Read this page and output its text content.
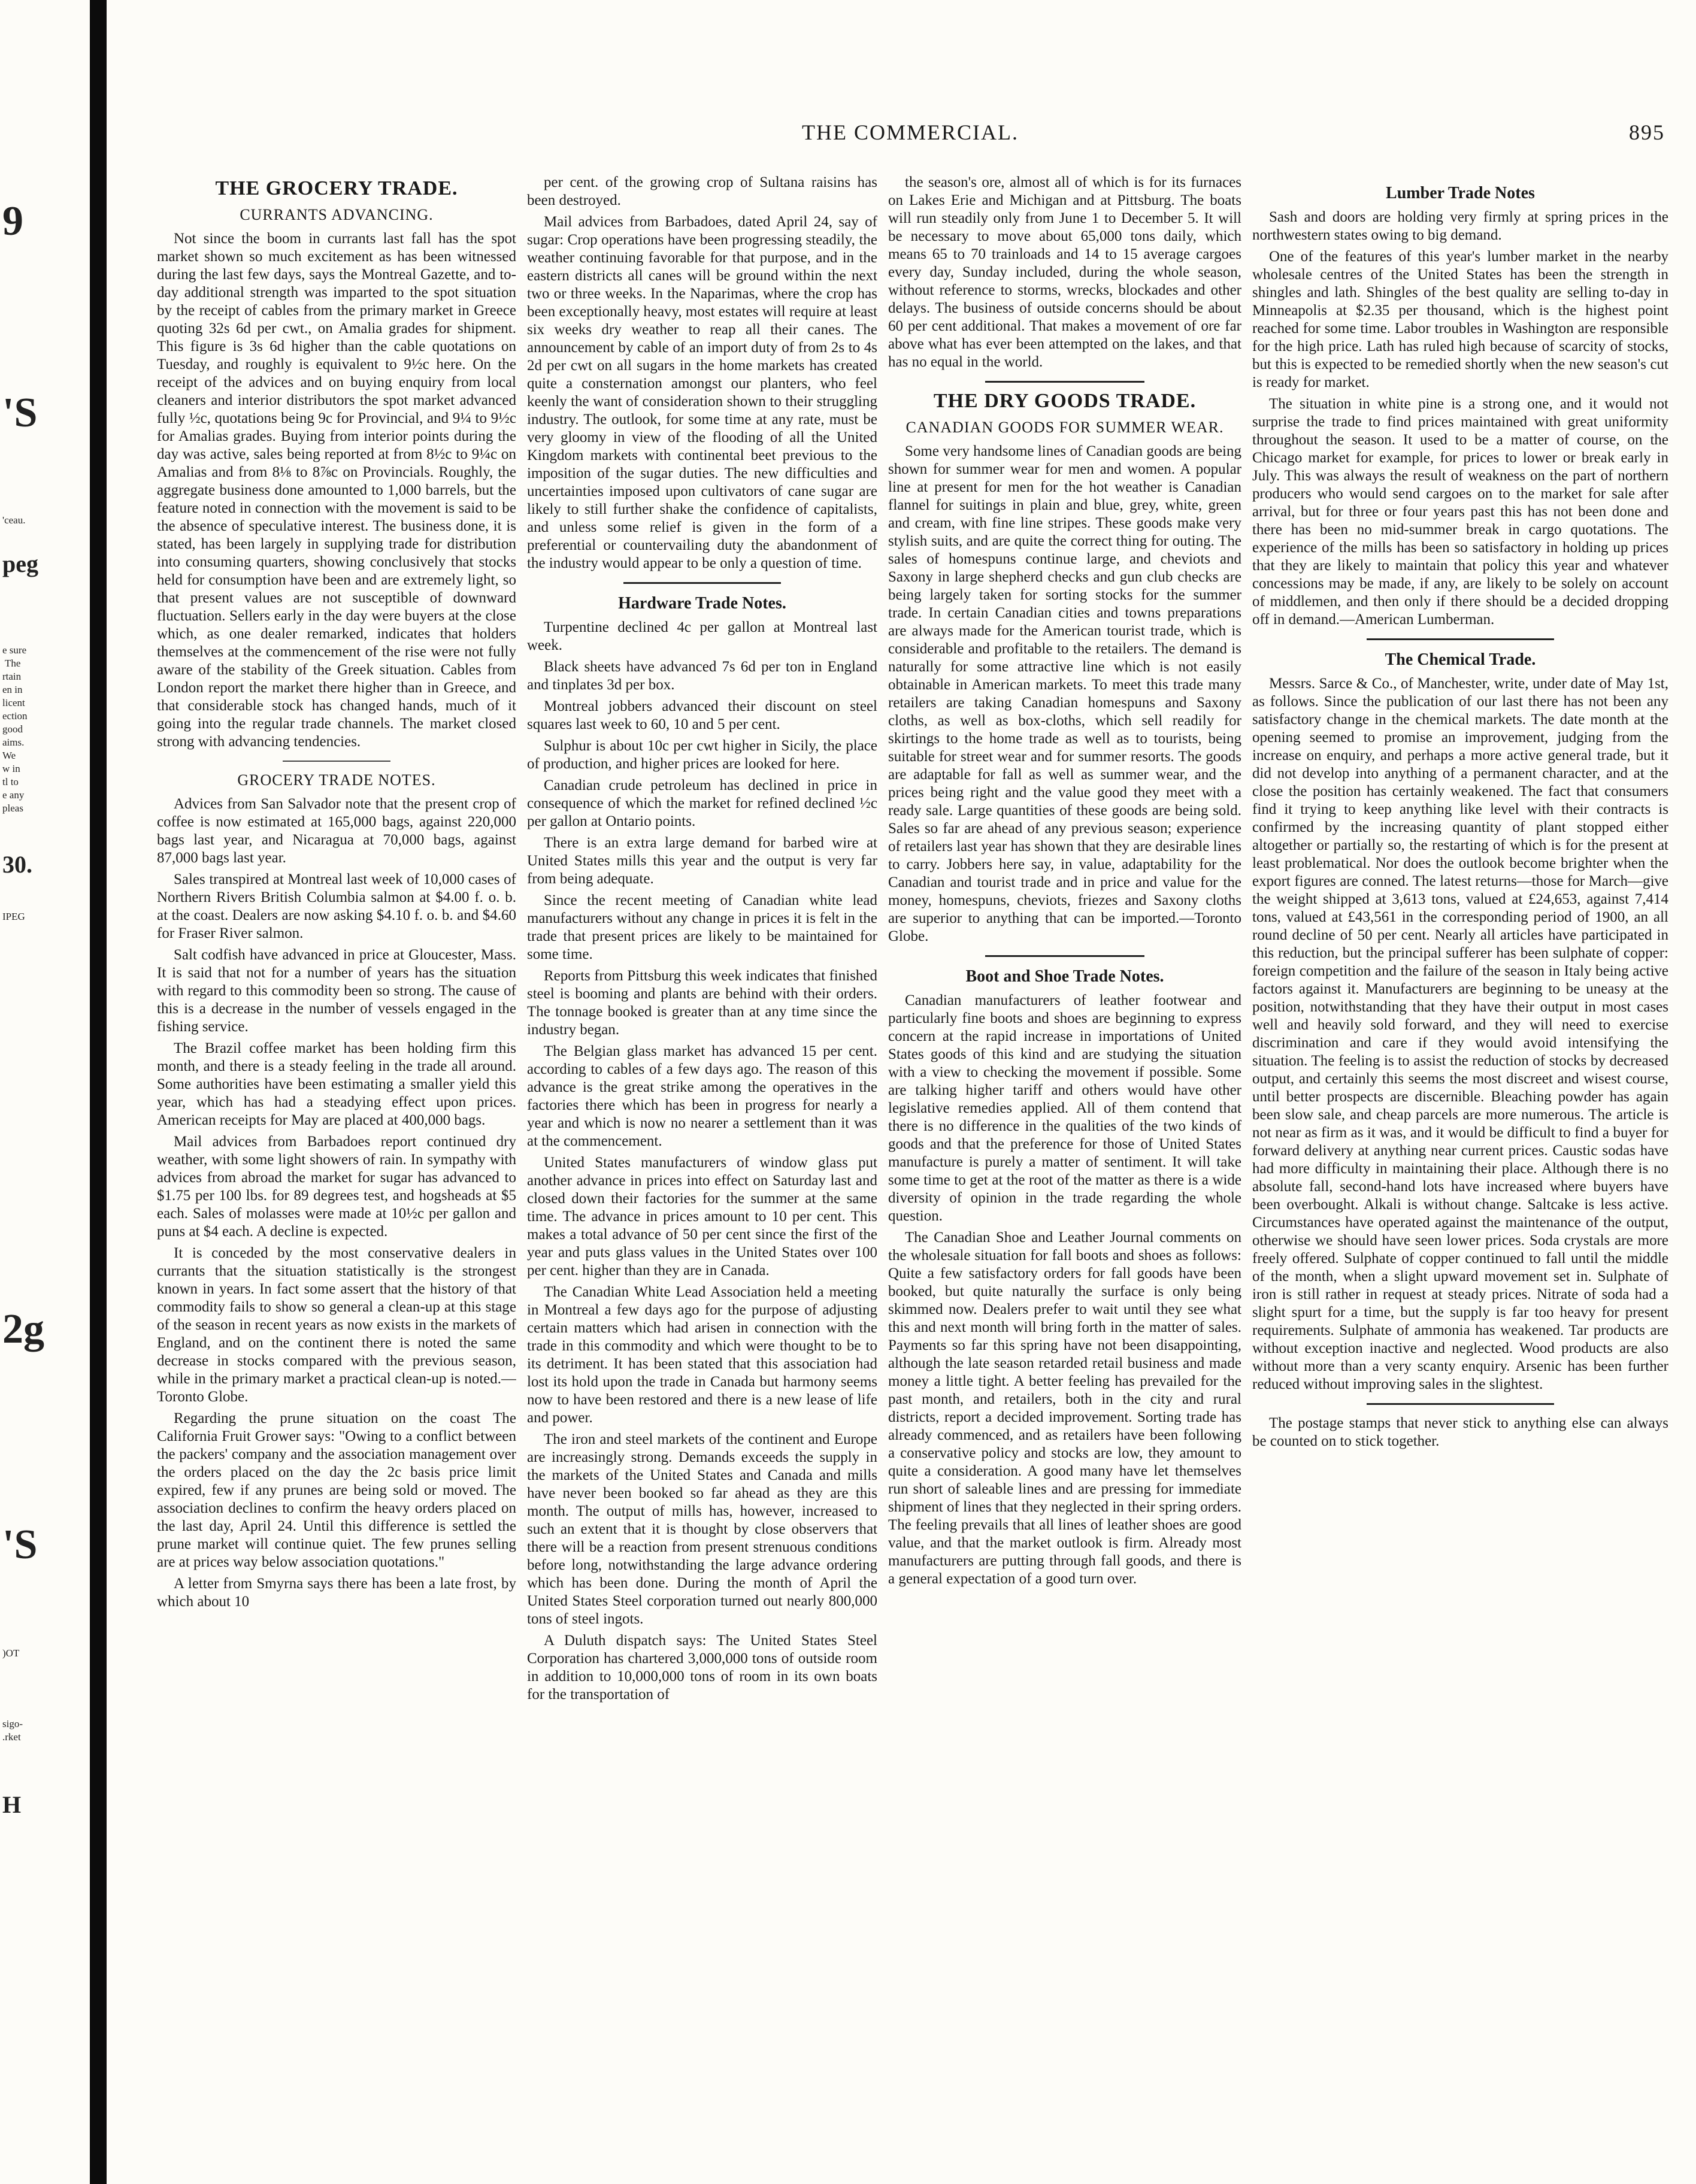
9
'S
'ceau.
peg
e sure
The
rtain
en in
licent
ection
good
aims.
We
w in
tl to
e any
pleas
30.
IPEG
2g
'S
)OT
sigo-
.rket
H
THE COMMERCIAL.	895
THE GROCERY TRADE.
CURRANTS ADVANCING.

Not since the boom in currants last fall has the spot market shown so much excitement as has been witnessed during the last few days, says the Montreal Gazette, and to-day additional strength was imparted to the spot situation by the receipt of cables from the primary market in Greece quoting 32s 6d per cwt., on Amalia grades for shipment. This figure is 3s 6d higher than the cable quotations on Tuesday, and roughly is equivalent to 9½c here. On the receipt of the advices and on buying enquiry from local cleaners and interior distributors the spot market advanced fully ½c, quotations being 9c for Provincial, and 9¼ to 9½c for Amalias grades. Buying from interior points during the day was active, sales being reported at from 8½c to 9¼c on Amalias and from 8⅛ to 8⅞c on Provincials. Roughly, the aggregate business done amounted to 1,000 barrels, but the feature noted in connection with the movement is said to be the absence of speculative interest. The business done, it is stated, has been largely in supplying trade for distribution into consuming quarters, showing conclusively that stocks held for consumption have been and are extremely light, so that present values are not susceptible of downward fluctuation. Sellers early in the day were buyers at the close which, as one dealer remarked, indicates that holders themselves at the commencement of the rise were not fully aware of the stability of the Greek situation. Cables from London report the market there higher than in Greece, and that considerable stock has changed hands, much of it going into the regular trade channels. The market closed strong with advancing tendencies.

GROCERY TRADE NOTES.

Advices from San Salvador note that the present crop of coffee is now estimated at 165,000 bags, against 220,000 bags last year, and Nicaragua at 70,000 bags, against 87,000 bags last year.

Sales transpired at Montreal last week of 10,000 cases of Northern Rivers British Columbia salmon at $4.00 f. o. b. at the coast. Dealers are now asking $4.10 f. o. b. and $4.60 for Fraser River salmon.

Salt codfish have advanced in price at Gloucester, Mass. It is said that not for a number of years has the situation with regard to this commodity been so strong. The cause of this is a decrease in the number of vessels engaged in the fishing service.

The Brazil coffee market has been holding firm this month, and there is a steady feeling in the trade all around. Some authorities have been estimating a smaller yield this year, which has had a steadying effect upon prices. American receipts for May are placed at 400,000 bags.

Mail advices from Barbadoes report continued dry weather, with some light showers of rain. In sympathy with advices from abroad the market for sugar has advanced to $1.75 per 100 lbs. for 89 degrees test, and hogsheads at $5 each. Sales of molasses were made at 10½c per gallon and puns at $4 each. A decline is expected.

It is conceded by the most conservative dealers in currants that the situation statistically is the strongest known in years. In fact some assert that the history of that commodity fails to show so general a clean-up at this stage of the season in recent years as now exists in the markets of England, and on the continent there is noted the same decrease in stocks compared with the previous season, while in the primary market a practical clean-up is noted.—Toronto Globe.

Regarding the prune situation on the coast The California Fruit Grower says: "Owing to a conflict between the packers' company and the association management over the orders placed on the day the 2c basis price limit expired, few if any prunes are being sold or moved. The association declines to confirm the heavy orders placed on the last day, April 24. Until this difference is settled the prune market will continue quiet. The few prunes selling are at prices way below association quotations."

A letter from Smyrna says there has been a late frost, by which about 10

per cent. of the growing crop of Sultana raisins has been destroyed.

Mail advices from Barbadoes, dated April 24, say of sugar: Crop operations have been progressing steadily, the weather continuing favorable for that purpose, and in the eastern districts all canes will be ground within the next two or three weeks. In the Naparimas, where the crop has been exceptionally heavy, most estates will require at least six weeks dry weather to reap all their canes. The announcement by cable of an import duty of from 2s to 4s 2d per cwt on all sugars in the home markets has created quite a consternation amongst our planters, who feel keenly the want of consideration shown to their struggling industry. The outlook, for some time at any rate, must be very gloomy in view of the flooding of all the United Kingdom markets with continental beet previous to the imposition of the sugar duties. The new difficulties and uncertainties imposed upon cultivators of cane sugar are likely to still further shake the confidence of capitalists, and unless some relief is given in the form of a preferential or countervailing duty the abandonment of the industry would appear to be only a question of time.

Hardware Trade Notes.

Turpentine declined 4c per gallon at Montreal last week.

Black sheets have advanced 7s 6d per ton in England and tinplates 3d per box.

Montreal jobbers advanced their discount on steel squares last week to 60, 10 and 5 per cent.

Sulphur is about 10c per cwt higher in Sicily, the place of production, and higher prices are looked for here.

Canadian crude petroleum has declined in price in consequence of which the market for refined declined ½c per gallon at Ontario points.

There is an extra large demand for barbed wire at United States mills this year and the output is very far from being adequate.

Since the recent meeting of Canadian white lead manufacturers without any change in prices it is felt in the trade that present prices are likely to be maintained for some time.

Reports from Pittsburg this week indicates that finished steel is booming and plants are behind with their orders. The tonnage booked is greater than at any time since the industry began.

The Belgian glass market has advanced 15 per cent. according to cables of a few days ago. The reason of this advance is the great strike among the operatives in the factories there which has been in progress for nearly a year and which is now no nearer a settlement than it was at the commencement.

United States manufacturers of window glass put another advance in prices into effect on Saturday last and closed down their factories for the summer at the same time. The advance in prices amount to 10 per cent. This makes a total advance of 50 per cent since the first of the year and puts glass values in the United States over 100 per cent. higher than they are in Canada.

The Canadian White Lead Association held a meeting in Montreal a few days ago for the purpose of adjusting certain matters which had arisen in connection with the trade in this commodity and which were thought to be to its detriment. It has been stated that this association had lost its hold upon the trade in Canada but harmony seems now to have been restored and there is a new lease of life and power.

The iron and steel markets of the continent and Europe are increasingly strong. Demands exceeds the supply in the markets of the United States and Canada and mills have never been booked so far ahead as they are this month. The output of mills has, however, increased to such an extent that it is thought by close observers that there will be a reaction from present strenuous conditions before long, notwithstanding the large advance ordering which has been done. During the month of April the United States Steel corporation turned out nearly 800,000 tons of steel ingots.

A Duluth dispatch says: The United States Steel Corporation has chartered 3,000,000 tons of outside room in addition to 10,000,000 tons of room in its own boats for the transportation of

the season's ore, almost all of which is for its furnaces on Lakes Erie and Michigan and at Pittsburg. The boats will run steadily only from June 1 to December 5. It will be necessary to move about 65,000 tons daily, which means 65 to 70 trainloads and 14 to 15 average cargoes every day, Sunday included, during the whole season, without reference to storms, wrecks, blockades and other delays. The business of outside concerns should be about 60 per cent additional. That makes a movement of ore far above what has ever been attempted on the lakes, and that has no equal in the world.

THE DRY GOODS TRADE.
CANADIAN GOODS FOR SUMMER WEAR.

Some very handsome lines of Canadian goods are being shown for summer wear for men and women. A popular line at present for men for the hot weather is Canadian flannel for suitings in plain and blue, grey, white, green and cream, with fine line stripes. These goods make very stylish suits, and are quite the correct thing for outing. The sales of homespuns continue large, and cheviots and Saxony in large shepherd checks and gun club checks are being largely taken for sorting stocks for the summer trade. In certain Canadian cities and towns preparations are always made for the American tourist trade, which is considerable and profitable to the retailers. The demand is naturally for some attractive line which is not easily obtainable in American markets. To meet this trade many retailers are taking Canadian homespuns and Saxony cloths, as well as box-cloths, which sell readily for skirtings to the home trade as well as to tourists, being suitable for street wear and for summer resorts. The goods are adaptable for fall as well as summer wear, and the prices being right and the value good they meet with a ready sale. Large quantities of these goods are being sold. Sales so far are ahead of any previous season; experience of retailers last year has shown that they are desirable lines to carry. Jobbers here say, in value, adaptability for the Canadian and tourist trade and in price and value for the money, homespuns, cheviots, friezes and Saxony cloths are superior to anything that can be imported.—Toronto Globe.

Boot and Shoe Trade Notes.

Canadian manufacturers of leather footwear and particularly fine boots and shoes are beginning to express concern at the rapid increase in importations of United States goods of this kind and are studying the situation with a view to checking the movement if possible. Some are talking higher tariff and others would have other legislative remedies applied. All of them contend that there is no difference in the qualities of the two kinds of goods and that the preference for those of United States manufacture is purely a matter of sentiment. It will take some time to get at the root of the matter as there is a wide diversity of opinion in the trade regarding the whole question.

The Canadian Shoe and Leather Journal comments on the wholesale situation for fall boots and shoes as follows: Quite a few satisfactory orders for fall goods have been booked, but quite naturally the surface is only being skimmed now. Dealers prefer to wait until they see what this and next month will bring forth in the matter of sales. Payments so far this spring have not been disappointing, although the late season retarded retail business and made money a little tight. A better feeling has prevailed for the past month, and retailers, both in the city and rural districts, report a decided improvement. Sorting trade has already commenced, and as retailers have been following a conservative policy and stocks are low, they amount to quite a consideration. A good many have let themselves run short of saleable lines and are pressing for immediate shipment of lines that they neglected in their spring orders. The feeling prevails that all lines of leather shoes are good value, and that the market outlook is firm. Already most manufacturers are putting through fall goods, and there is a general expectation of a good turn over.

Lumber Trade Notes

Sash and doors are holding very firmly at spring prices in the northwestern states owing to big demand.

One of the features of this year's lumber market in the nearby wholesale centres of the United States has been the strength in shingles and lath. Shingles of the best quality are selling to-day in Minneapolis at $2.35 per thousand, which is the highest point reached for some time. Labor troubles in Washington are responsible for the high price. Lath has ruled high because of scarcity of stocks, but this is expected to be remedied shortly when the new season's cut is ready for market.

The situation in white pine is a strong one, and it would not surprise the trade to find prices maintained with great uniformity throughout the season. It used to be a matter of course, on the Chicago market for example, for prices to lower or break early in July. This was always the result of weakness on the part of northern producers who would send cargoes on to the market for sale after arrival, but for three or four years past this has not been done and there has been no mid-summer break in cargo quotations. The experience of the mills has been so satisfactory in holding up prices that they are likely to maintain that policy this year and whatever concessions may be made, if any, are likely to be solely on account of middlemen, and then only if there should be a decided dropping off in demand.—American Lumberman.

The Chemical Trade.

Messrs. Sarce & Co., of Manchester, write, under date of May 1st, as follows. Since the publication of our last there has not been any satisfactory change in the chemical markets. The date month at the opening seemed to promise an improvement, judging from the increase on enquiry, and perhaps a more active general trade, but it did not develop into anything of a permanent character, and at the close the position has certainly weakened. The fact that consumers find it trying to keep anything like level with their contracts is confirmed by the increasing quantity of plant stopped either altogether or partially so, the restarting of which is for the present at least problematical. Nor does the outlook become brighter when the export figures are conned. The latest returns—those for March—give the weight shipped at 3,613 tons, valued at £24,653, against 7,414 tons, valued at £43,561 in the corresponding period of 1900, an all round decline of 50 per cent. Nearly all articles have participated in this reduction, but the principal sufferer has been sulphate of copper: foreign competition and the failure of the season in Italy being active factors against it. Manufacturers are beginning to be uneasy at the position, notwithstanding that they have their output in most cases well and heavily sold forward, and they will need to exercise discrimination and care if they would avoid intensifying the situation. The feeling is to assist the reduction of stocks by decreased output, and certainly this seems the most discreet and wisest course, until better prospects are discernible. Bleaching powder has again been slow sale, and cheap parcels are more numerous. The article is not near as firm as it was, and it would be difficult to find a buyer for forward delivery at anything near current prices. Caustic sodas have had more difficulty in maintaining their place. Although there is no absolute fall, second-hand lots have increased where buyers have been overbought. Alkali is without change. Saltcake is less active. Circumstances have operated against the maintenance of the output, otherwise we should have seen lower prices. Soda crystals are more freely offered. Sulphate of copper continued to fall until the middle of the month, when a slight upward movement set in. Sulphate of iron is still rather in request at steady prices. Nitrate of soda had a slight spurt for a time, but the supply is far too heavy for present requirements. Sulphate of ammonia has weakened. Tar products are without exception inactive and neglected. Wood products are also without more than a very scanty enquiry. Arsenic has been further reduced without improving sales in the slightest.

The postage stamps that never stick to anything else can always be counted on to stick together.
